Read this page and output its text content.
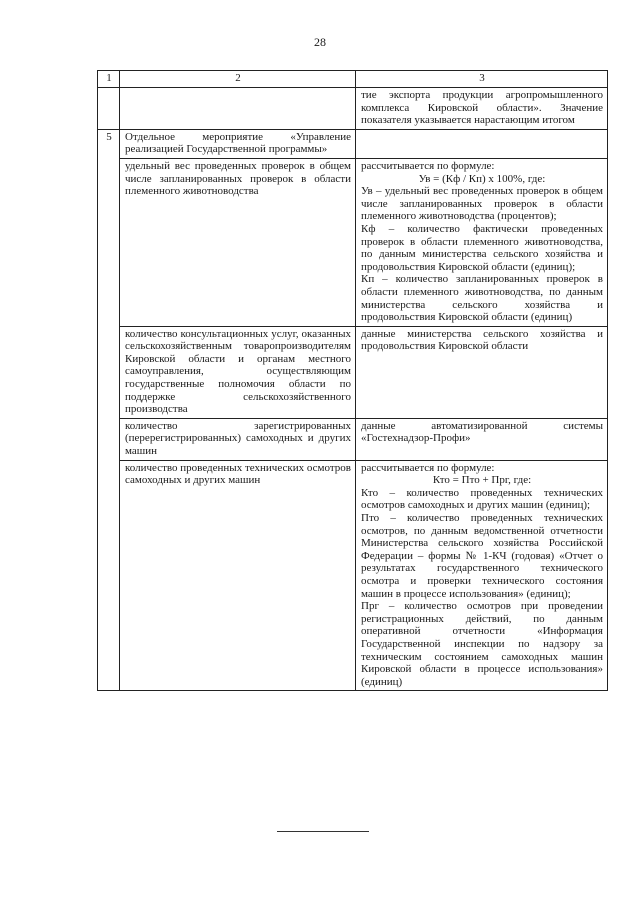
28
1	2	3
		тие экспорта продукции агропромышленного комплекса Кировской области». Значение показателя указывается нарастающим итогом
5	Отдельное мероприятие «Управление реализацией Государственной программы»	
	удельный вес проведенных проверок в общем числе запланированных проверок в области племенного животноводства	рассчитывается по формуле:

Ув = (Кф / Кп) х 100%, где:

Ув – удельный вес проведенных проверок в общем числе запланированных проверок в области племенного животноводства (процентов);

Кф – количество фактически проведенных проверок в области племенного животноводства, по данным министерства сельского хозяйства и продовольствия Кировской области (единиц);

Кп – количество запланированных проверок в области племенного животноводства, по данным министерства сельского хозяйства и продовольствия Кировской области (единиц)

	количество консультационных услуг, оказанных сельскохозяйственным товаропроизводителям Кировской области и органам местного самоуправления, осуществляющим государственные полномочия области по поддержке сельскохозяйственного производства	данные министерства сельского хозяйства и продовольствия Кировской области
	количество зарегистрированных (перерегистрированных) самоходных и других машин	данные автоматизированной системы «Гостехнадзор-Профи»
	количество проведенных технических осмотров самоходных и других машин	рассчитывается по формуле:

Кто = Пто + Прг, где:

Кто – количество проведенных технических осмотров самоходных и других машин (единиц);

Пто – количество проведенных технических осмотров, по данным ведомственной отчетности Министерства сельского хозяйства Российской Федерации – формы № 1-КЧ (годовая) «Отчет о результатах государственного технического осмотра и проверки технического состояния машин в процессе использования» (единиц);

Прг – количество осмотров при проведении регистрационных действий, по данным оперативной отчетности «Информация Государственной инспекции по надзору за техническим состоянием самоходных машин Кировской области в процессе использования» (единиц)
